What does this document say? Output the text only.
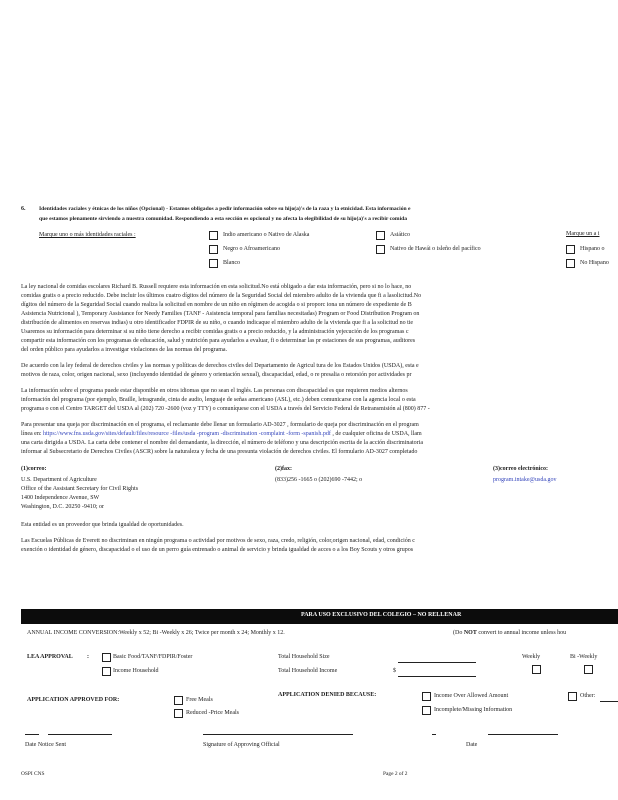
6. Identidades raciales y étnicas de los niños (Opcional) - Estamos obligados a pedir información sobre su hijo(a)'s de la raza y la etnicidad. Esta información e
que estamos plenamente sirviendo a nuestra comunidad. Respondiendo a esta sección es opcional y no afecta la elegibilidad de su hijo(a)'s a recibir comida
Marque uno o más identidades raciales :	Marque un a i
Indio americano o Nativo de Alaska	Asiático
Negro o Afroamericano	Nativo de Hawái o isleño del pacífico	Hispano o
Blanco	No Hispano
La ley nacional de comidas escolares Richard B. Russell requiere esta información en esta solicitud.No está obligado a dar esta información, pero si no lo hace, no
comidas gratis o a precio reducido. Debe incluir los últimos cuatro dígitos del número de la Seguridad Social del miembro adulto de la vivienda que fi a lasolicitud.No
dígitos del número de la Seguridad Social cuando realiza la solicitud en nombre de un niño en régimen de acogida o si proporc iona un número de expediente de B
Asistencia Nutricional ), Temporary Assistance for Needy Families (TANF - Asistencia temporal para familias necesitadas) Program or Food Distribution Program on
distribución de alimentos en reservas indias) u otro identificador FDPIR de su niño, o cuando indicaque el miembro adulto de la vivienda que fi a la solicitud no tie
Usaremos su información para determinar si su niño tiene derecho a recibir comidas gratis o a precio reducido, y la administración yejecución de los programas c
compartir esta información con los programas de educación, salud y nutrición para ayudarlos a evaluar, fi o determinar las pr estaciones de sus programas, auditores
del orden público para ayudarlos a investigar violaciones de las normas del programa.
De acuerdo con la ley federal de derechos civiles y las normas y políticas de derechos civiles del Departamento de Agricul tura de los Estados Unidos (USDA), esta e
motivos de raza, color, origen nacional, sexo (incluyendo identidad de género y orientación sexual), discapacidad, edad, o re presalia o retorsión por actividades pr
La información sobre el programa puede estar disponible en otros idiomas que no sean el inglés. Las personas con discapacidad es que requieren medios alternos
información del programa (por ejemplo, Braille, letragrande, cinta de audio, lenguaje de señas americano (ASL), etc.) deben comunicarse con la agencia local o esta
programa o con el Centro TARGET del USDA al (202) 720 -2600 (voz y TTY) o comuníquese con el USDA a través del Servicio Federal de Retransmisión al (800) 877 -
Para presentar una queja por discriminación en el programa, el reclamante debe llenar un formulario AD-3027 , formulario de queja por discriminación en el program
línea en: https://www.fns.usda.gov/sites/default/files/resource -files/usda -program -discrimination -complaint -form -spanish.pdf , de cualquier oficina de USDA, llam
una carta dirigida a USDA. La carta debe contener el nombre del demandante, la dirección, el número de teléfono y una descripción escrita de la acción discriminatoria
informar al Subsecretario de Derechos Civiles (ASCR) sobre la naturaleza y fecha de una presunta violación de derechos civiles. El formulario AD-3027 completado
(1)correo:
U.S. Department of Agriculture
Office of the Assistant Secretary for Civil Rights
1400 Independence Avenue, SW
Washington, D.C. 20250 -9410; or
(2)fax:
(833)256 -1665 o (202)690 -7442; o
(3)correo electrónico:
program.intake@usda.gov
Esta entidad es un proveedor que brinda igualdad de oportunidades.
Las Escuelas Públicas de Everett no discriminan en ningún programa o actividad por motivos de sexo, raza, credo, religión, color,origen nacional, edad, condición c
exención o identidad de género, discapacidad o el uso de un perro guía entrenado o animal de servicio y brinda igualdad de acces o a los Boy Scouts y otros grupos
PARA USO EXCLUSIVO DEL COLEGIO – NO RELLENAR
ANNUAL INCOME CONVERSION:Weekly x 52; Bi -Weekly x 26; Twice per month x 24; Monthly x 12.	(Do NOT convert to annual income unless hou
LEA APPROVAL :	Basic Food/TANF/FDPIR/Foster
Income Household
Total Household Size
Total Household Income	$
Weekly	Bi -Weekly
APPLICATION APPROVED FOR:	Free Meals
Reduced -Price Meals
APPLICATION DENIED BECAUSE:	Income Over Allowed Amount
Incomplete/Missing Information
Other:
Date Notice Sent	Signature of Approving Official	Date
OSPI CNS	Page 2 of 2
